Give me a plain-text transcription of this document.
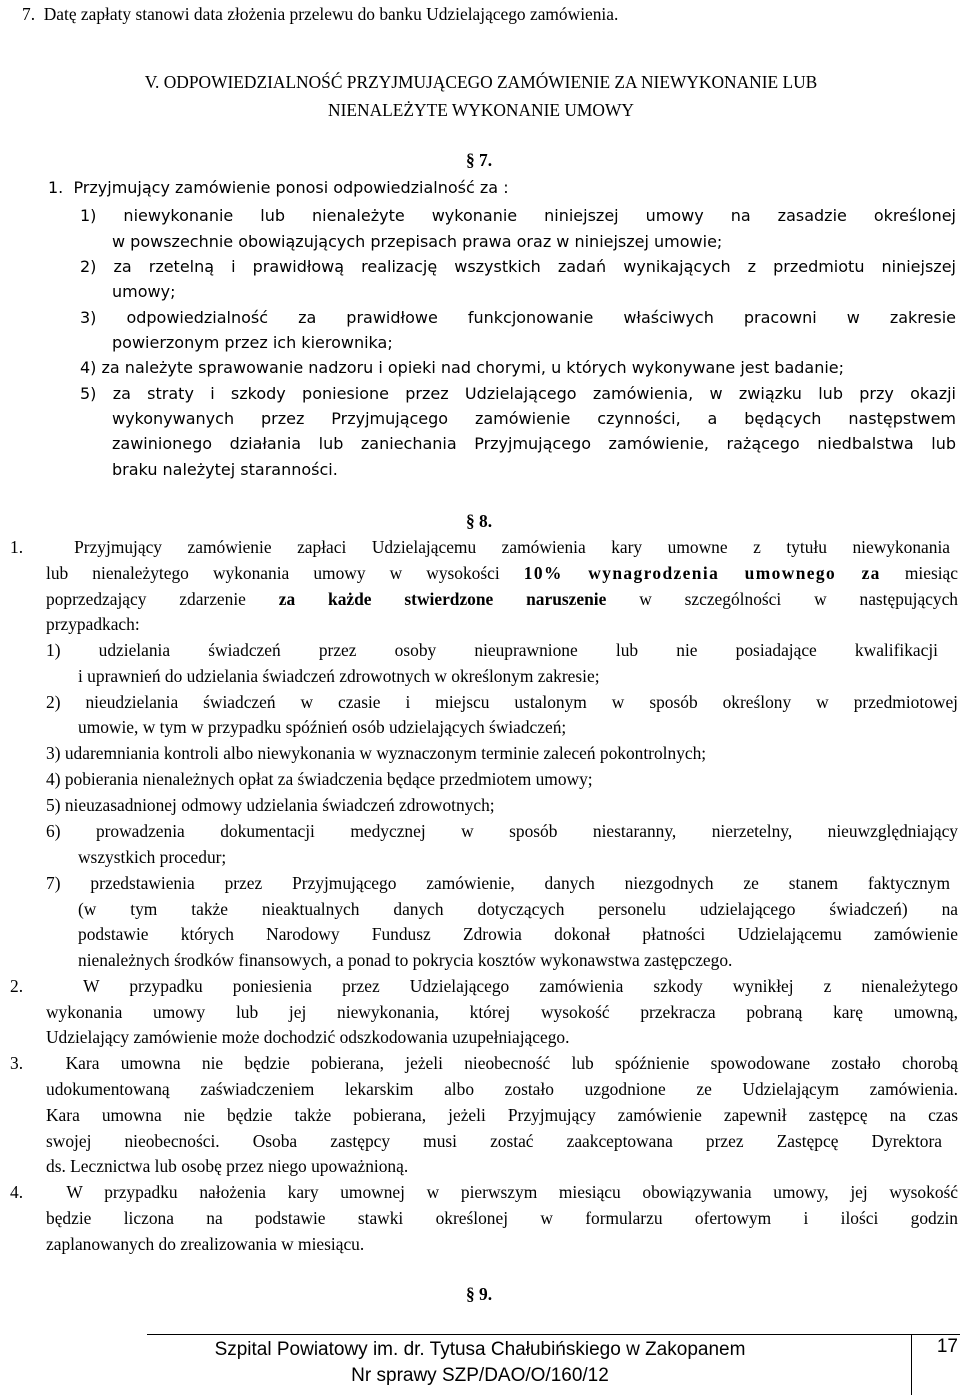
7.  Datę zapłaty stanowi data złożenia przelewu do banku Udzielającego zamówienia.
V. ODPOWIEDZIALNOŚĆ PRZYJMUJĄCEGO ZAMÓWIENIE ZA NIEWYKONANIE LUB
NIENALEŻYTE WYKONANIE UMOWY
§ 7.
1.  Przyjmujący zamówienie ponosi odpowiedzialność za :
1) niewykonanie lub nienależyte wykonanie niniejszej umowy na zasadzie określonej
w powszechnie obowiązujących przepisach prawa oraz w niniejszej umowie;
2) za rzetelną i prawidłową realizację wszystkich zadań wynikających z przedmiotu niniejszej
umowy;
3) odpowiedzialność za prawidłowe funkcjonowanie właściwych pracowni w zakresie
powierzonym przez ich kierownika;
4) za należyte sprawowanie nadzoru i opieki nad chorymi, u których wykonywane jest badanie;
5) za straty i szkody poniesione przez Udzielającego zamówienia, w związku lub przy okazji
wykonywanych przez Przyjmującego zamówienie czynności, a będących następstwem
zawinionego działania lub zaniechania Przyjmującego zamówienie, rażącego niedbalstwa lub
braku należytej staranności.
§ 8.
1.  Przyjmujący zamówienie zapłaci Udzielającemu zamówienia kary umowne z tytułu niewykonania
lub nienależytego wykonania umowy w wysokości 10% wynagrodzenia umownego za miesiąc
poprzedzający zdarzenie za każde stwierdzone naruszenie w szczególności w następujących
przypadkach:
1) udzielania świadczeń przez osoby nieuprawnione lub nie posiadające kwalifikacji
i uprawnień do udzielania świadczeń zdrowotnych w określonym zakresie;
2) nieudzielania świadczeń w czasie i miejscu ustalonym w sposób określony w przedmiotowej
umowie, w tym w przypadku spóźnień osób udzielających świadczeń;
3) udaremniania kontroli albo niewykonania w wyznaczonym terminie zaleceń pokontrolnych;
4) pobierania nienależnych opłat za świadczenia będące przedmiotem umowy;
5) nieuzasadnionej odmowy udzielania świadczeń zdrowotnych;
6) prowadzenia dokumentacji medycznej w sposób niestaranny, nierzetelny, nieuwzględniający
wszystkich procedur;
7) przedstawienia przez Przyjmującego zamówienie, danych niezgodnych ze stanem faktycznym
(w tym także nieaktualnych danych dotyczących personelu udzielającego świadczeń) na
podstawie których Narodowy Fundusz Zdrowia dokonał płatności Udzielającemu zamówienie
nienależnych środków finansowych, a ponad to pokrycia kosztów wykonawstwa zastępczego.
2.  W przypadku poniesienia przez Udzielającego zamówienia szkody wynikłej z nienależytego
wykonania umowy lub jej niewykonania, której wysokość przekracza pobraną karę umowną,
Udzielający zamówienie może dochodzić odszkodowania uzupełniającego.
3.  Kara umowna nie będzie pobierana, jeżeli nieobecność lub spóźnienie spowodowane zostało chorobą
udokumentowaną zaświadczeniem lekarskim albo zostało uzgodnione ze Udzielającym zamówienia.
Kara umowna nie będzie także pobierana, jeżeli Przyjmujący zamówienie zapewnił zastępcę na czas
swojej nieobecności. Osoba zastępcy musi zostać zaakceptowana przez Zastępcę Dyrektora
ds. Lecznictwa lub osobę przez niego upoważnioną.
4.  W przypadku nałożenia kary umownej w pierwszym miesiącu obowiązywania umowy, jej wysokość
będzie liczona na podstawie stawki określonej w formularzu ofertowym i ilości godzin
zaplanowanych do zrealizowania w miesiącu.
§ 9.
Szpital Powiatowy im. dr. Tytusa Chałubińskiego w Zakopanem
Nr sprawy SZP/DAO/O/160/12
17
